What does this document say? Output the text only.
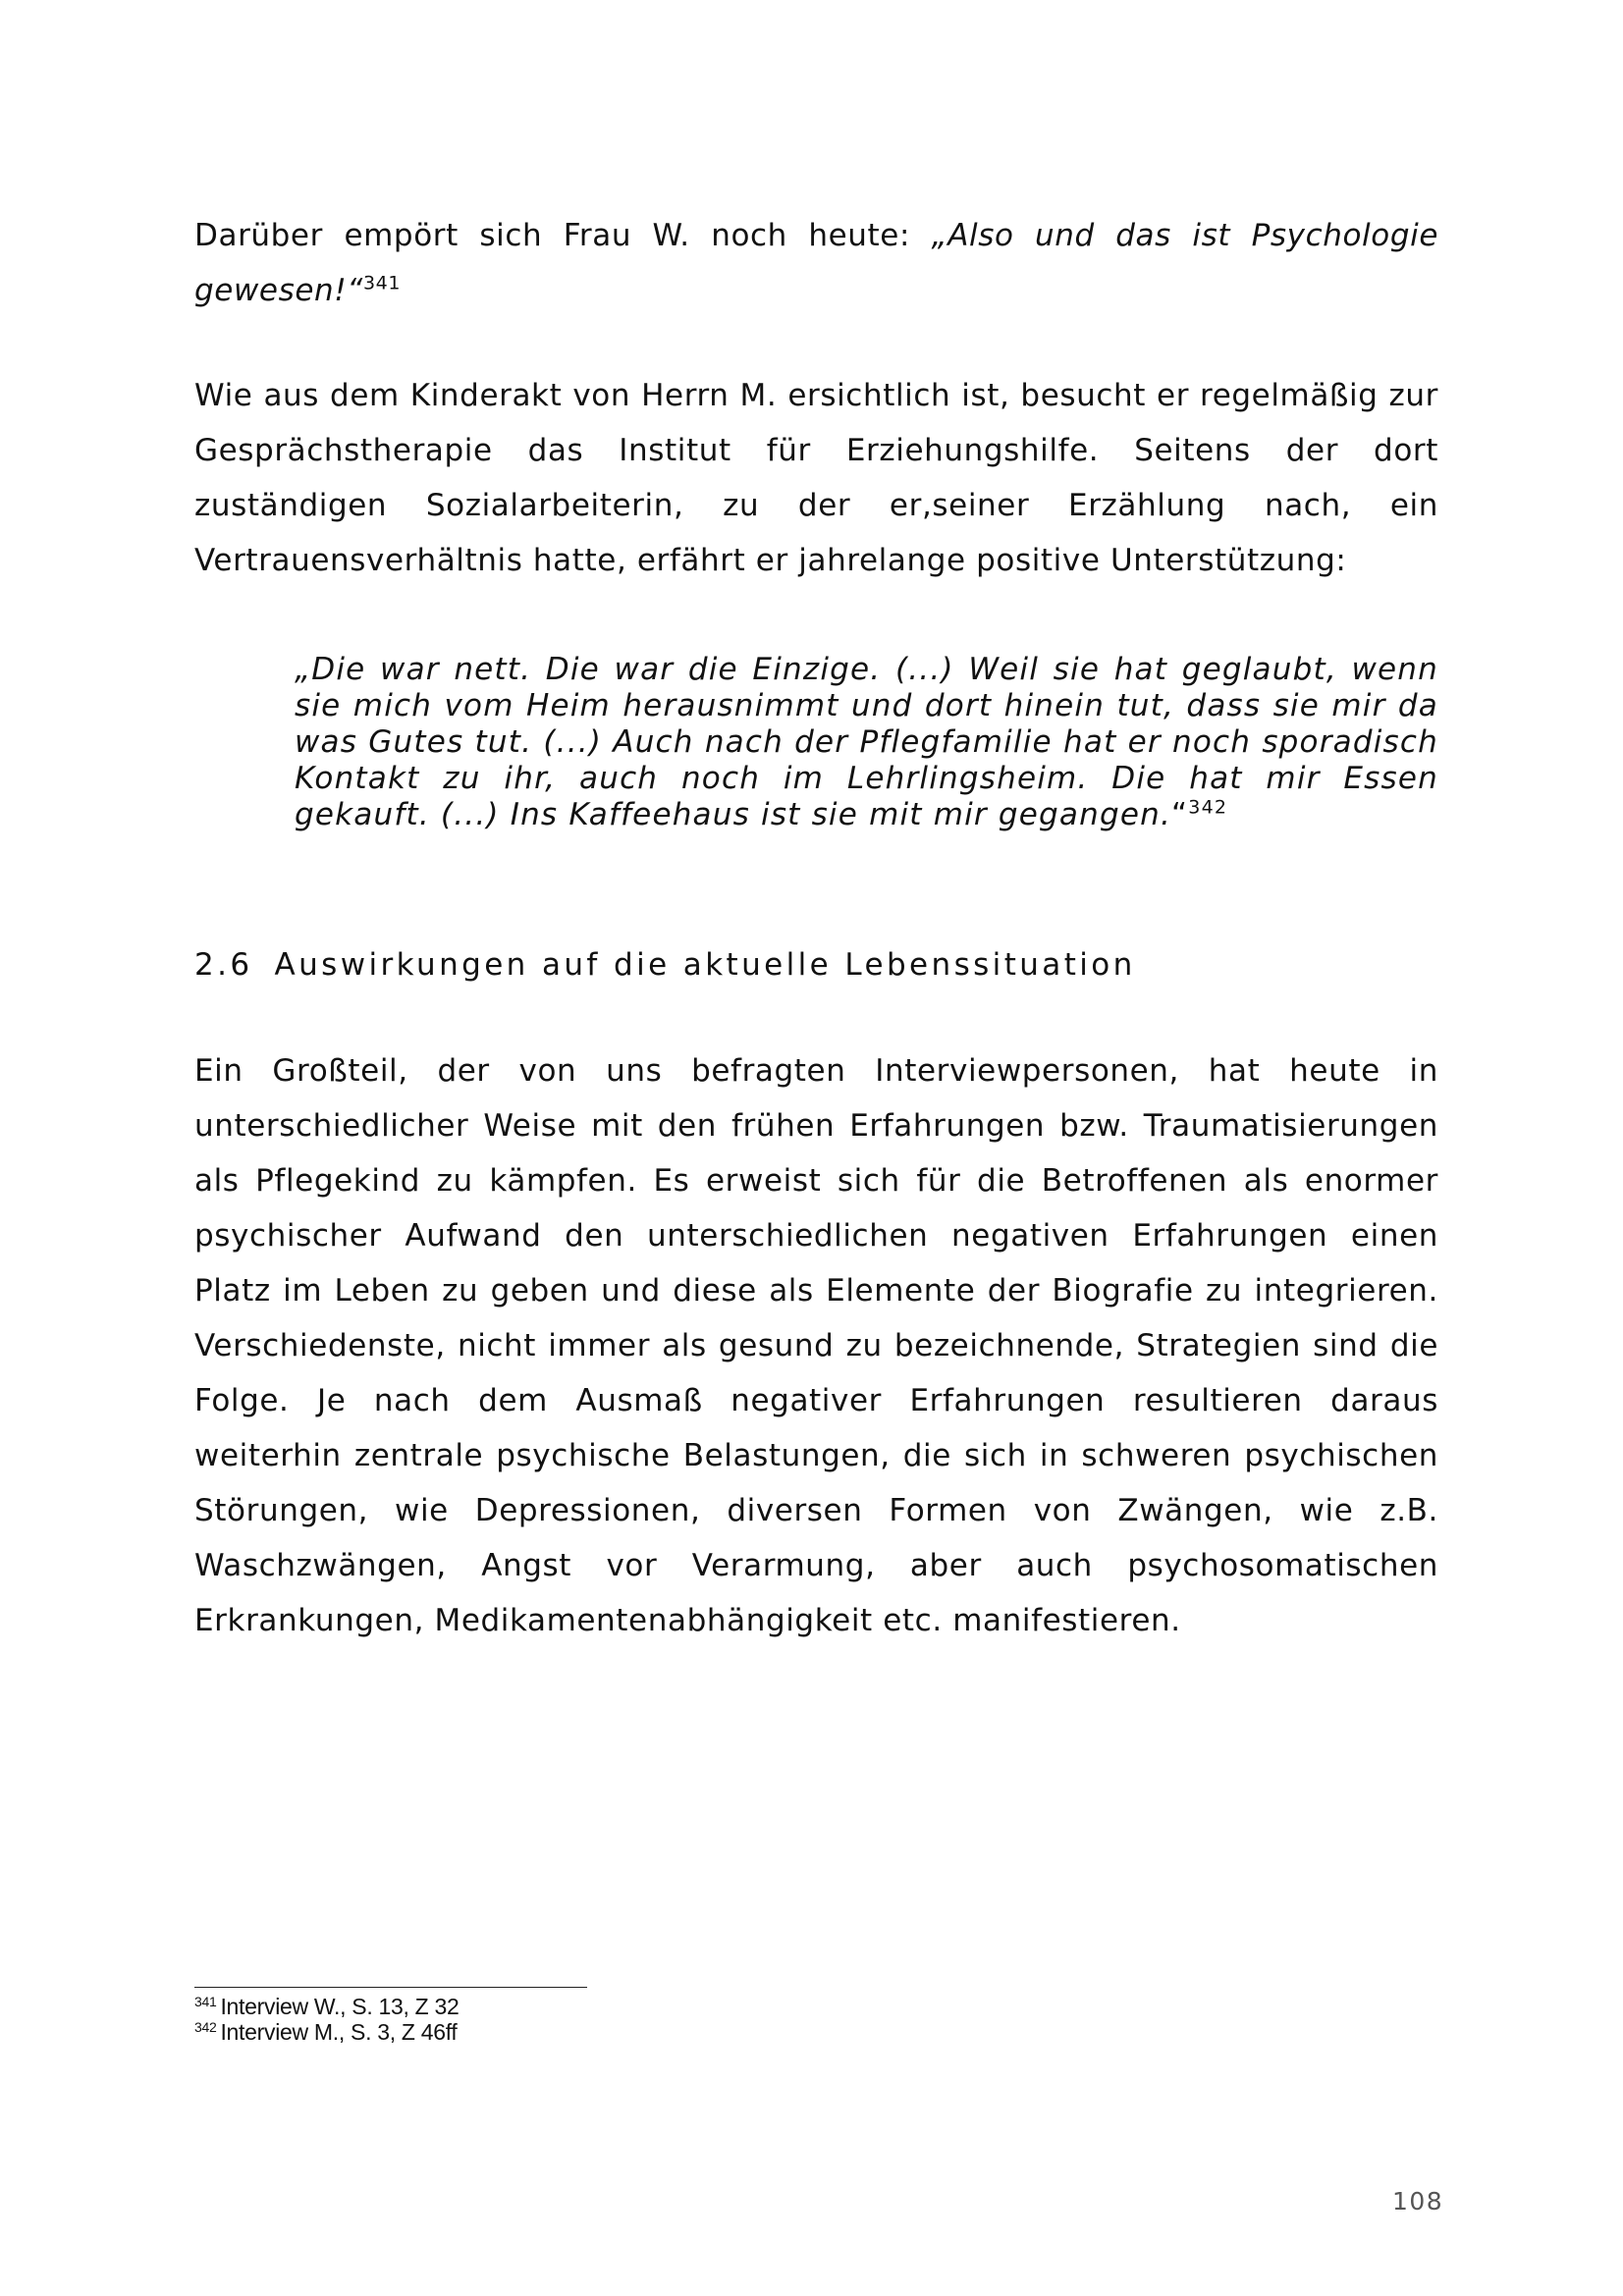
Darüber empört sich Frau W. noch heute: „Also und das ist Psychologie gewesen!“$^{341}$

Wie aus dem Kinderakt von Herrn M. ersichtlich ist, besucht er regelmäßig zur Gesprächstherapie das Institut für Erziehungshilfe. Seitens der dort zuständigen Sozialarbeiterin, zu der er,seiner Erzählung nach, ein Vertrauensverhältnis hatte, erfährt er jahrelange positive Unterstützung:

„Die war nett. Die war die Einzige. (...) Weil sie hat geglaubt, wenn sie mich vom Heim herausnimmt und dort hinein tut, dass sie mir da was Gutes tut. (...) Auch nach der Pflegfamilie hat er noch sporadisch Kontakt zu ihr, auch noch im Lehrlingsheim. Die hat mir Essen gekauft. (...) Ins Kaffeehaus ist sie mit mir gegangen.“$^{342}$

2.6 Auswirkungen auf die aktuelle Lebenssituation

Ein Großteil, der von uns befragten Interviewpersonen, hat heute in unterschiedlicher Weise mit den frühen Erfahrungen bzw. Traumatisierungen als Pflegekind zu kämpfen. Es erweist sich für die Betroffenen als enormer psychischer Aufwand den unterschiedlichen negativen Erfahrungen einen Platz im Leben zu geben und diese als Elemente der Biografie zu integrieren. Verschiedenste, nicht immer als gesund zu bezeichnende, Strategien sind die Folge. Je nach dem Ausmaß negativer Erfahrungen resultieren daraus weiterhin zentrale psychische Belastungen, die sich in schweren psychischen Störungen, wie Depressionen, diversen Formen von Zwängen, wie z.B. Waschzwängen, Angst vor Verarmung, aber auch psychosomatischen Erkrankungen, Medikamentenabhängigkeit etc. manifestieren.

$^{341}$ Interview W., S. 13, Z 32
$^{342}$ Interview M., S. 3, Z 46ff
108
